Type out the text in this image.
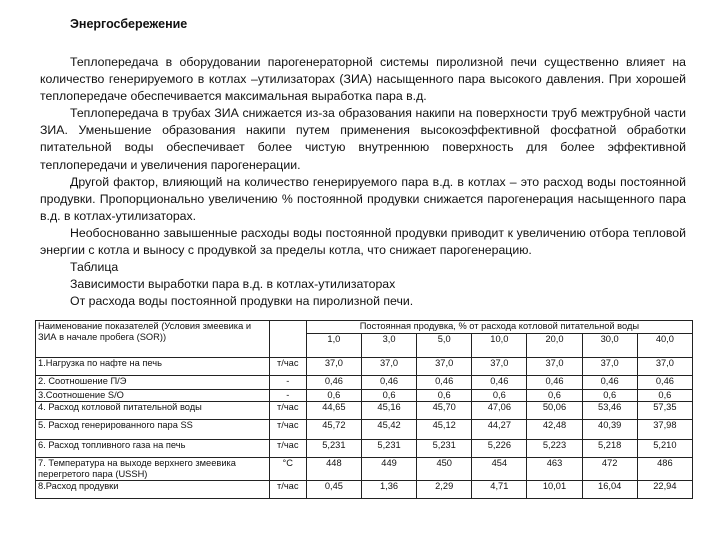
Энергосбережение

Теплопередача в оборудовании парогенераторной системы пиролизной печи существенно влияет на количество генерируемого в котлах –утилизаторах (ЗИА) насыщенного пара высокого давления. При хорошей теплопередаче обеспечивается максимальная выработка пара в.д.

Теплопередача в трубах ЗИА снижается из-за образования накипи на поверхности труб межтрубной части ЗИА. Уменьшение образования накипи путем применения высокоэффективной фосфатной обработки питательной воды обеспечивает более чистую внутреннюю поверхность для более эффективной теплопередачи и увеличения парогенерации.

Другой фактор, влияющий на количество генерируемого пара в.д. в котлах – это расход воды постоянной продувки. Пропорционально увеличению % постоянной продувки снижается парогенерация насыщенного пара в.д. в котлах-утилизаторах.

Необоснованно завышенные расходы воды постоянной продувки приводит к увеличению отбора тепловой энергии с котла и выносу с продувкой за пределы котла, что снижает парогенерацию.

Таблица

Зависимости выработки пара в.д. в котлах-утилизаторах

От расхода воды постоянной продувки на пиролизной печи.

Наименование показателей (Условия змеевика и ЗИА в начале пробега (SOR))		Постоянная продувка, % от расхода котловой питательной воды						
		1,0	3,0	5,0	10,0	20,0	30,0	40,0
1.Нагрузка по нафте на печь	т/час	37,0	37,0	37,0	37,0	37,0	37,0	37,0
2. Соотношение П/Э	-	0,46	0,46	0,46	0,46	0,46	0,46	0,46
3.Соотношение S/O	-	0,6	0,6	0,6	0,6	0,6	0,6	0,6
4. Расход котловой питательной воды	т/час	44,65	45,16	45,70	47,06	50,06	53,46	57,35
5. Расход генерированного пара SS	т/час	45,72	45,42	45,12	44,27	42,48	40,39	37,98
6. Расход топливного газа на печь	т/час	5,231	5,231	5,231	5,226	5,223	5,218	5,210
7. Температура на выходе верхнего змеевика перегретого пара (USSH)	°С	448	449	450	454	463	472	486
8.Расход продувки	т/час	0,45	1,36	2,29	4,71	10,01	16,04	22,94
